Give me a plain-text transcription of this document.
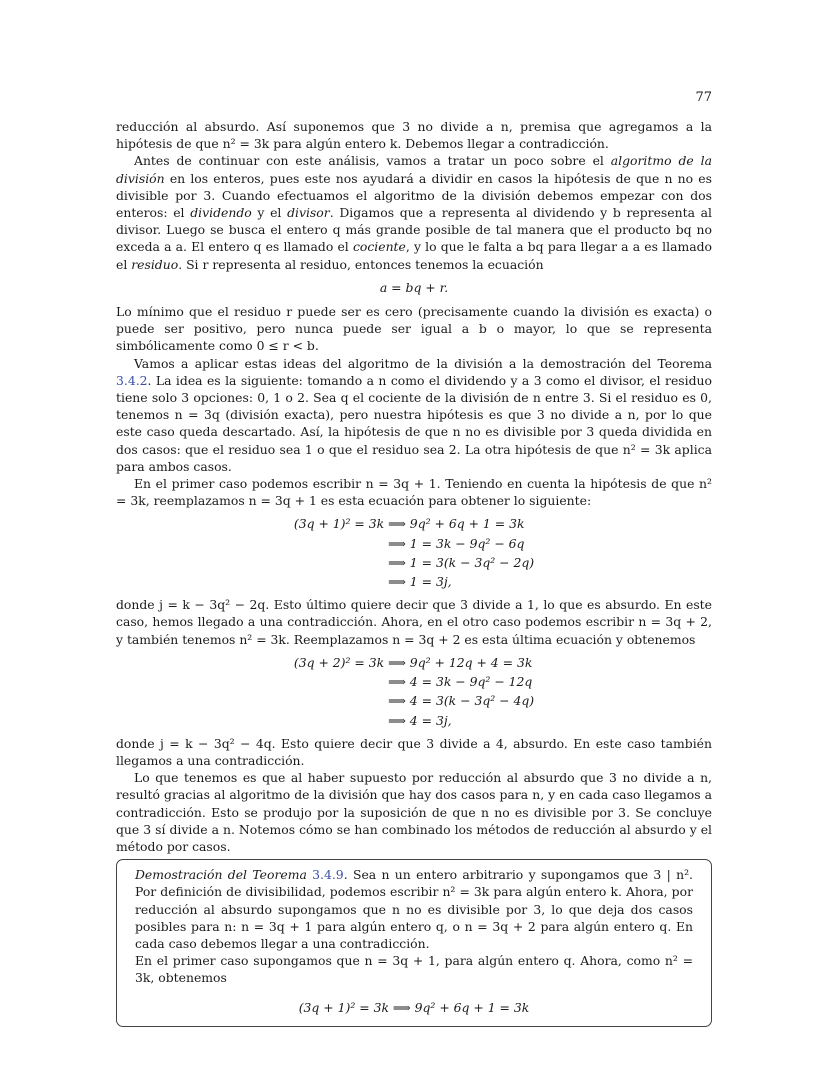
77

reducción al absurdo. Así suponemos que 3 no divide a n, premisa que agregamos a la hipótesis de que n² = 3k para algún entero k. Debemos llegar a contradicción.

Antes de continuar con este análisis, vamos a tratar un poco sobre el algoritmo de la división en los enteros, pues este nos ayudará a dividir en casos la hipótesis de que n no es divisible por 3. Cuando efectuamos el algoritmo de la división debemos empezar con dos enteros: el dividendo y el divisor. Digamos que a representa al dividendo y b representa al divisor. Luego se busca el entero q más grande posible de tal manera que el producto bq no exceda a a. El entero q es llamado el cociente, y lo que le falta a bq para llegar a a es llamado el residuo. Si r representa al residuo, entonces tenemos la ecuación

a = bq + r.

Lo mínimo que el residuo r puede ser es cero (precisamente cuando la división es exacta) o puede ser positivo, pero nunca puede ser igual a b o mayor, lo que se representa simbólicamente como 0 ≤ r < b.

Vamos a aplicar estas ideas del algoritmo de la división a la demostración del Teorema 3.4.2. La idea es la siguiente: tomando a n como el dividendo y a 3 como el divisor, el residuo tiene solo 3 opciones: 0, 1 o 2. Sea q el cociente de la división de n entre 3. Si el residuo es 0, tenemos n = 3q (división exacta), pero nuestra hipótesis es que 3 no divide a n, por lo que este caso queda descartado. Así, la hipótesis de que n no es divisible por 3 queda dividida en dos casos: que el residuo sea 1 o que el residuo sea 2. La otra hipótesis de que n² = 3k aplica para ambos casos.

En el primer caso podemos escribir n = 3q + 1. Teniendo en cuenta la hipótesis de que n² = 3k, reemplazamos n = 3q + 1 es esta ecuación para obtener lo siguiente:

(3q + 1)² = 3k ⟹ 9q² + 6q + 1 = 3k
⟹ 1 = 3k − 9q² − 6q
⟹ 1 = 3(k − 3q² − 2q)
⟹ 1 = 3j,

donde j = k − 3q² − 2q. Esto último quiere decir que 3 divide a 1, lo que es absurdo. En este caso, hemos llegado a una contradicción. Ahora, en el otro caso podemos escribir n = 3q + 2, y también tenemos n² = 3k. Reemplazamos n = 3q + 2 es esta última ecuación y obtenemos

(3q + 2)² = 3k ⟹ 9q² + 12q + 4 = 3k
⟹ 4 = 3k − 9q² − 12q
⟹ 4 = 3(k − 3q² − 4q)
⟹ 4 = 3j,

donde j = k − 3q² − 4q. Esto quiere decir que 3 divide a 4, absurdo. En este caso también llegamos a una contradicción.

Lo que tenemos es que al haber supuesto por reducción al absurdo que 3 no divide a n, resultó gracias al algoritmo de la división que hay dos casos para n, y en cada caso llegamos a contradicción. Esto se produjo por la suposición de que n no es divisible por 3. Se concluye que 3 sí divide a n. Notemos cómo se han combinado los métodos de reducción al absurdo y el método por casos.

Demostración del Teorema 3.4.9. Sea n un entero arbitrario y supongamos que 3 | n². Por definición de divisibilidad, podemos escribir n² = 3k para algún entero k. Ahora, por reducción al absurdo supongamos que n no es divisible por 3, lo que deja dos casos posibles para n: n = 3q + 1 para algún entero q, o n = 3q + 2 para algún entero q. En cada caso debemos llegar a una contradicción.

En el primer caso supongamos que n = 3q + 1, para algún entero q. Ahora, como n² = 3k, obtenemos

(3q + 1)² = 3k ⟹ 9q² + 6q + 1 = 3k
